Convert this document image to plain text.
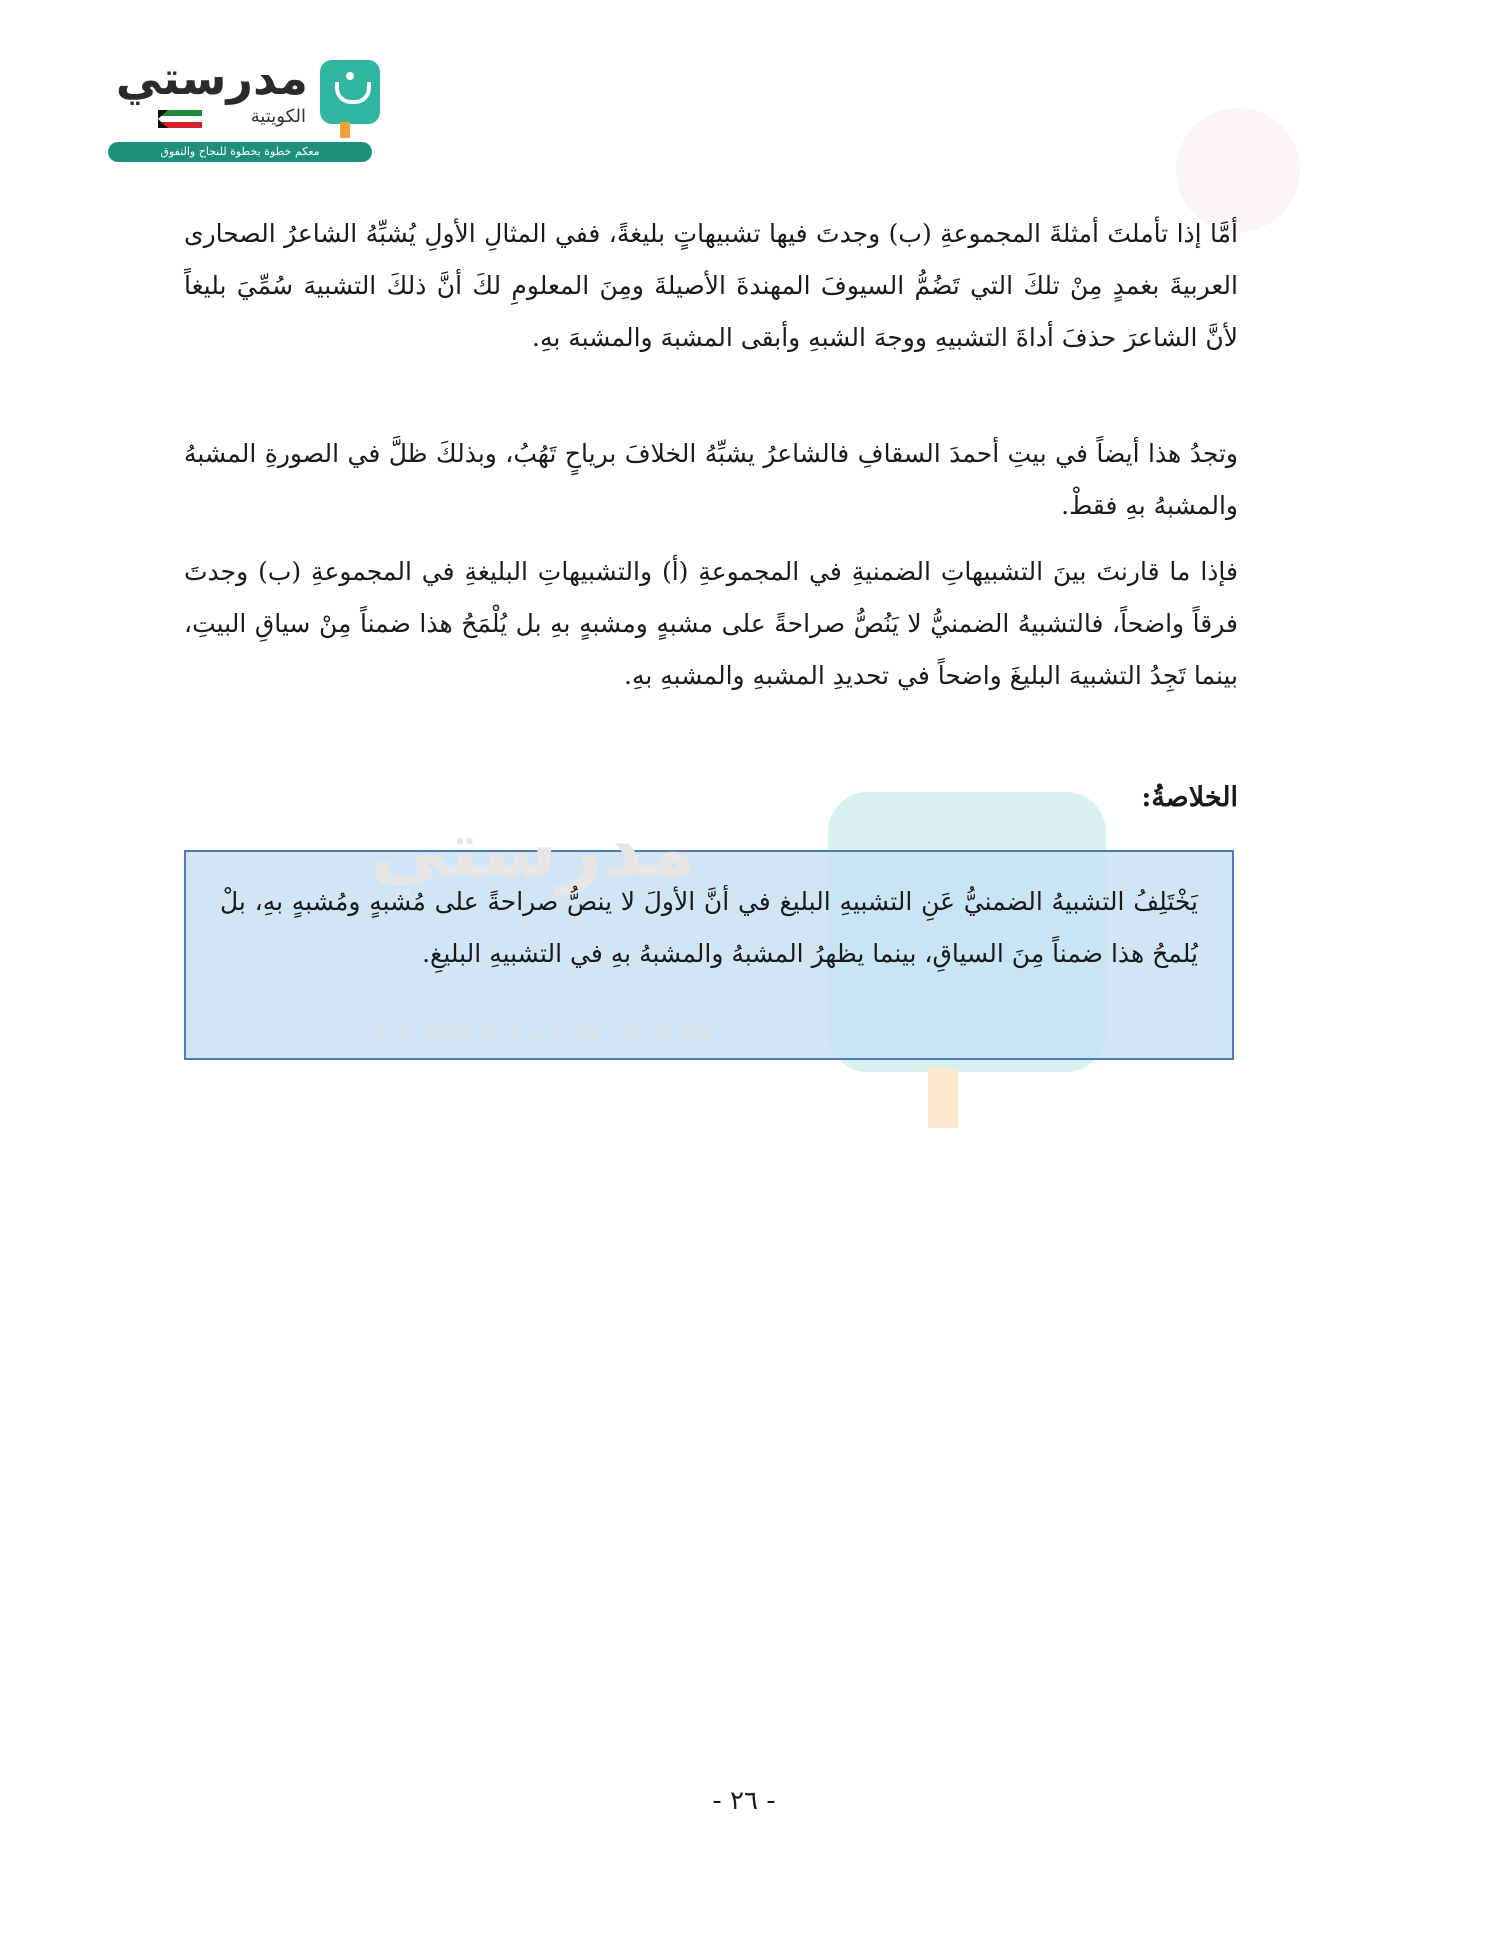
مدرستي
الكويتية
معكم خطوة بخطوة للنجاح والتفوق

أمَّا إذا تأملتَ أمثلةَ المجموعةِ (ب) وجدتَ فيها تشبيهاتٍ بليغةً، ففي المثالِ الأولِ يُشبِّهُ الشاعرُ الصحارى العربيةَ بغمدٍ مِنْ تلكَ التي تَضُمُّ السيوفَ المهندةَ الأصيلةَ ومِنَ المعلومِ لكَ أنَّ ذلكَ التشبيهَ سُمِّيَ بليغاً لأنَّ الشاعرَ حذفَ أداةَ التشبيهِ ووجهَ الشبهِ وأبقى المشبهَ والمشبهَ بهِ.

وتجدُ هذا أيضاً في بيتِ أحمدَ السقافِ فالشاعرُ يشبِّهُ الخلافَ برياحٍ تَهُبُ، وبذلكَ ظلَّ في الصورةِ المشبهُ والمشبهُ بهِ فقطْ.

فإذا ما قارنتَ بينَ التشبيهاتِ الضمنيةِ في المجموعةِ (أ) والتشبيهاتِ البليغةِ في المجموعةِ (ب) وجدتَ فرقاً واضحاً، فالتشبيهُ الضمنيُّ لا يَنُصُّ صراحةً على مشبهٍ ومشبهٍ بهِ بل يُلْمَحُ هذا ضمناً مِنْ سياقِ البيتِ، بينما تَجِدُ التشبيهَ البليغَ واضحاً في تحديدِ المشبهِ والمشبهِ بهِ.

الخلاصةُ:
مدرستي

يَخْتَلِفُ التشبيهُ الضمنيُّ عَنِ التشبيهِ البليغ في أنَّ الأولَ لا ينصُّ صراحةً على مُشبهٍ ومُشبهٍ بهِ، بلْ يُلمحُ هذا ضمناً مِنَ السياقِ، بينما يظهرُ المشبهُ والمشبهُ بهِ في التشبيهِ البليغِ.

school-kw.com
- ٢٦ -
